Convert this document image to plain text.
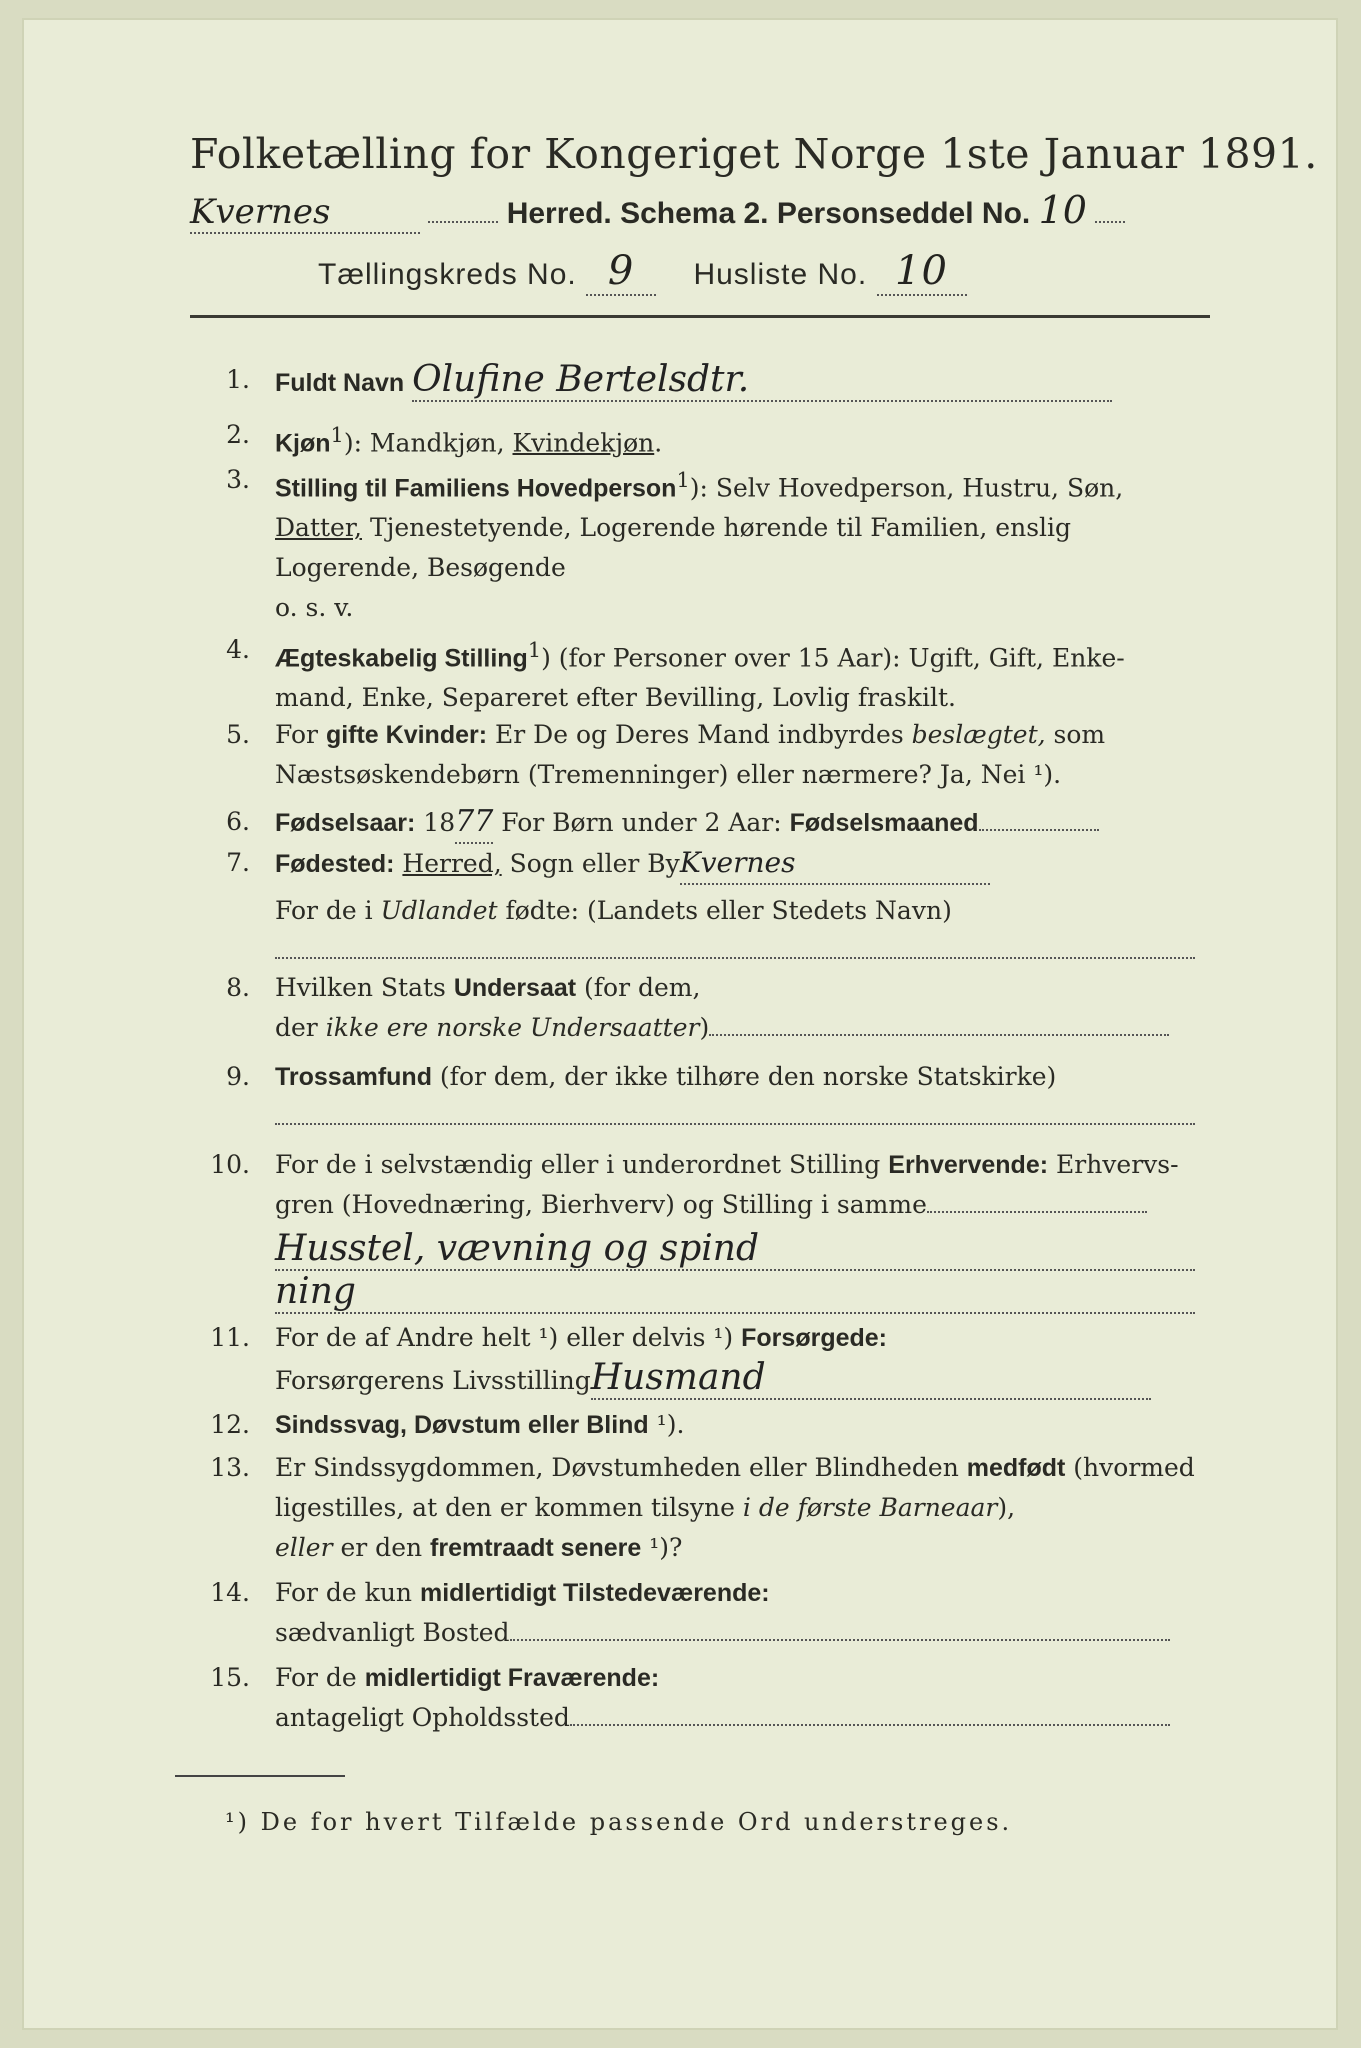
Folketælling for Kongeriget Norge 1ste Januar 1891.
Kvernes	Herred. Schema 2. Personseddel No. 10
Tællingskreds No. 9 Husliste No. 10
1. Fuldt Navn Olufine Bertelsdtr.
2. Kjøn$^1$): Mandkjøn, Kvindekjøn.
3. Stilling til Familiens Hovedperson$^1$): Selv Hovedperson, Hustru, Søn,
Datter, Tjenestetyende, Logerende hørende til Familien, enslig
Logerende, Besøgende
o. s. v.
4. Ægteskabelig Stilling$^1$) (for Personer over 15 Aar): Ugift, Gift, Enke-
mand, Enke, Separeret efter Bevilling, Lovlig fraskilt.
5. For gifte Kvinder: Er De og Deres Mand indbyrdes beslægtet, som
Næstsøskendebørn (Tremenninger) eller nærmere? Ja, Nei ¹).
6. Fødselsaar: 1877 For Børn under 2 Aar: Fødselsmaaned
7. Fødested: Herred, Sogn eller ByKvernes
For de i Udlandet fødte: (Landets eller Stedets Navn)
8. Hvilken Stats Undersaat (for dem,
der ikke ere norske Undersaatter)
9. Trossamfund (for dem, der ikke tilhøre den norske Statskirke)
10. For de i selvstændig eller i underordnet Stilling Erhvervende: Erhvervs-
gren (Hovednæring, Bierhverv) og Stilling i samme
Husstel, vævning og spind
ning
11. For de af Andre helt ¹) eller delvis ¹) Forsørgede:
Forsørgerens LivsstillingHusmand
12. Sindssvag, Døvstum eller Blind ¹).
13. Er Sindssygdommen, Døvstumheden eller Blindheden medfødt (hvormed
ligestilles, at den er kommen tilsyne i de første Barneaar),
eller er den fremtraadt senere ¹)?
14. For de kun midlertidigt Tilstedeværende:
sædvanligt Bosted
15. For de midlertidigt Fraværende:
antageligt Opholdssted
¹) De for hvert Tilfælde passende Ord understreges.
